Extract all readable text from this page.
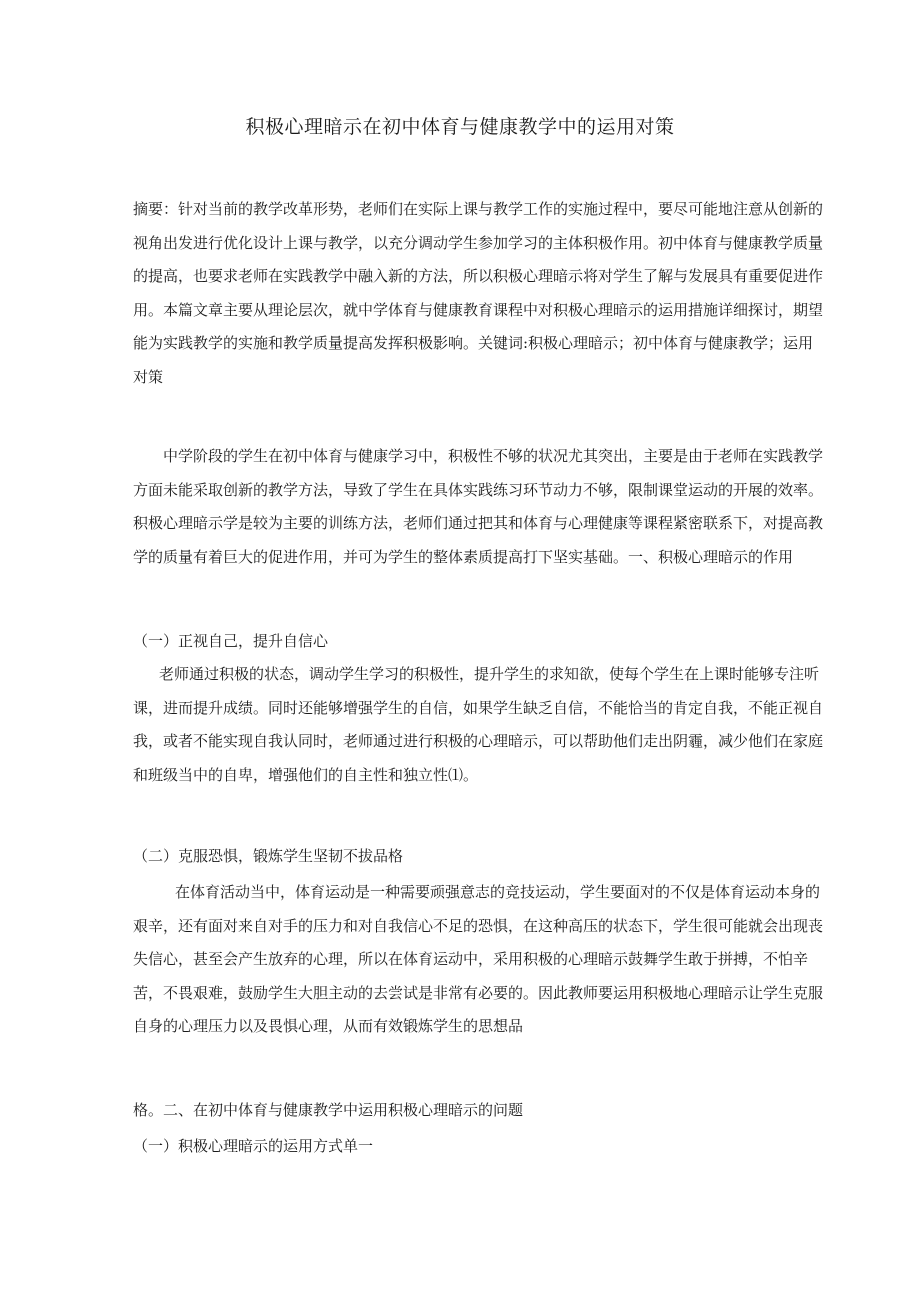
积极心理暗示在初中体育与健康教学中的运用对策

摘要：针对当前的教学改革形势，老师们在实际上课与教学工作的实施过程中，要尽可能地注意从创新的视角出发进行优化设计上课与教学，以充分调动学生参加学习的主体积极作用。初中体育与健康教学质量的提高，也要求老师在实践教学中融入新的方法，所以积极心理暗示将对学生了解与发展具有重要促进作用。本篇文章主要从理论层次，就中学体育与健康教育课程中对积极心理暗示的运用措施详细探讨，期望能为实践教学的实施和教学质量提高发挥积极影响。关键词:积极心理暗示；初中体育与健康教学；运用对策

中学阶段的学生在初中体育与健康学习中，积极性不够的状况尤其突出，主要是由于老师在实践教学方面未能采取创新的教学方法，导致了学生在具体实践练习环节动力不够，限制课堂运动的开展的效率。积极心理暗示学是较为主要的训练方法，老师们通过把其和体育与心理健康等课程紧密联系下，对提高教学的质量有着巨大的促进作用，并可为学生的整体素质提高打下坚实基础。一、积极心理暗示的作用

（一）正视自己，提升自信心

老师通过积极的状态，调动学生学习的积极性，提升学生的求知欲，使每个学生在上课时能够专注听课，进而提升成绩。同时还能够增强学生的自信，如果学生缺乏自信，不能恰当的肯定自我，不能正视自我，或者不能实现自我认同时，老师通过进行积极的心理暗示，可以帮助他们走出阴霾，减少他们在家庭和班级当中的自卑，增强他们的自主性和独立性⑴。

（二）克服恐惧，锻炼学生坚韧不拔品格

在体育活动当中，体育运动是一种需要顽强意志的竞技运动，学生要面对的不仅是体育运动本身的艰辛，还有面对来自对手的压力和对自我信心不足的恐惧，在这种高压的状态下，学生很可能就会出现丧失信心，甚至会产生放弃的心理，所以在体育运动中，采用积极的心理暗示鼓舞学生敢于拼搏，不怕辛苦，不畏艰难，鼓励学生大胆主动的去尝试是非常有必要的。因此教师要运用积极地心理暗示让学生克服自身的心理压力以及畏惧心理，从而有效锻炼学生的思想品

格。二、在初中体育与健康教学中运用积极心理暗示的问题

（一）积极心理暗示的运用方式单一
